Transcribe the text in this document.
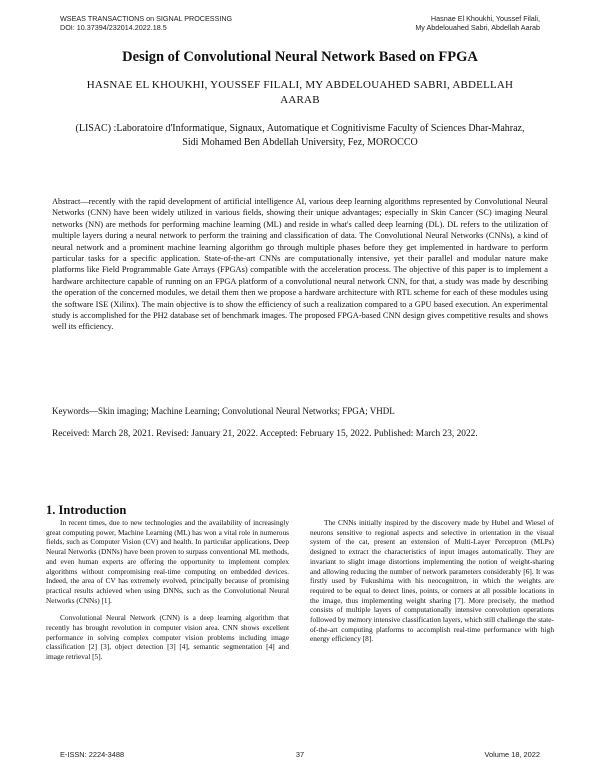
WSEAS TRANSACTIONS on SIGNAL PROCESSING
DOI: 10.37394/232014.2022.18.5
Hasnae El Khoukhi, Youssef Filali,
My Abdelouahed Sabri, Abdellah Aarab
Design of Convolutional Neural Network Based on FPGA
HASNAE EL KHOUKHI, YOUSSEF FILALI, MY ABDELOUAHED SABRI, ABDELLAH AARAB
(LISAC) :Laboratoire d'Informatique, Signaux, Automatique et Cognitivisme Faculty of Sciences Dhar-Mahraz, Sidi Mohamed Ben Abdellah University, Fez, MOROCCO
Abstract—recently with the rapid development of artificial intelligence AI, various deep learning algorithms represented by Convolutional Neural Networks (CNN) have been widely utilized in various fields, showing their unique advantages; especially in Skin Cancer (SC) imaging Neural networks (NN) are methods for performing machine learning (ML) and reside in what's called deep learning (DL). DL refers to the utilization of multiple layers during a neural network to perform the training and classification of data. The Convolutional Neural Networks (CNNs), a kind of neural network and a prominent machine learning algorithm go through multiple phases before they get implemented in hardware to perform particular tasks for a specific application. State-of-the-art CNNs are computationally intensive, yet their parallel and modular nature make platforms like Field Programmable Gate Arrays (FPGAs) compatible with the acceleration process. The objective of this paper is to implement a hardware architecture capable of running on an FPGA platform of a convolutional neural network CNN, for that, a study was made by describing the operation of the concerned modules, we detail them then we propose a hardware architecture with RTL scheme for each of these modules using the software ISE (Xilinx). The main objective is to show the efficiency of such a realization compared to a GPU based execution. An experimental study is accomplished for the PH2 database set of benchmark images. The proposed FPGA-based CNN design gives competitive results and shows well its efficiency.
Keywords—Skin imaging; Machine Learning; Convolutional Neural Networks; FPGA; VHDL
Received: March 28, 2021. Revised: January 21, 2022. Accepted: February 15, 2022. Published: March 23, 2022.
1. Introduction

In recent times, due to new technologies and the availability of increasingly great computing power, Machine Learning (ML) has won a vital role in numerous fields, such as Computer Vision (CV) and health. In particular applications, Deep Neural Networks (DNNs) have been proven to surpass conventional ML methods, and even human experts are offering the opportunity to implement complex algorithms without compromising real-time computing on embedded devices. Indeed, the area of CV has extremely evolved, principally because of promising practical results achieved when using DNNs, such as the Convolutional Neural Networks (CNNs) [1].

Convolutional Neural Network (CNN) is a deep learning algorithm that recently has brought revolution in computer vision area. CNN shows excellent performance in solving complex computer vision problems including image classification [2] [3], object detection [3] [4], semantic segmentation [4] and image retrieval [5].

The CNNs initially inspired by the discovery made by Hubel and Wiesel of neurons sensitive to regional aspects and selective in orientation in the visual system of the cat, present an extension of Multi-Layer Perceptron (MLPs) designed to extract the characteristics of input images automatically. They are invariant to slight image distortions implementing the notion of weight-sharing and allowing reducing the number of network parameters considerably [6]. It was firstly used by Fukushima with his neocognitron, in which the weights are required to be equal to detect lines, points, or corners at all possible locations in the image, thus implementing weight sharing [7]. More precisely, the method consists of multiple layers of computationally intensive convolution operations followed by memory intensive classification layers, which still challenge the state-of-the-art computing platforms to accomplish real-time performance with high energy efficiency [8].

E-ISSN: 2224-3488	37	Volume 18, 2022
